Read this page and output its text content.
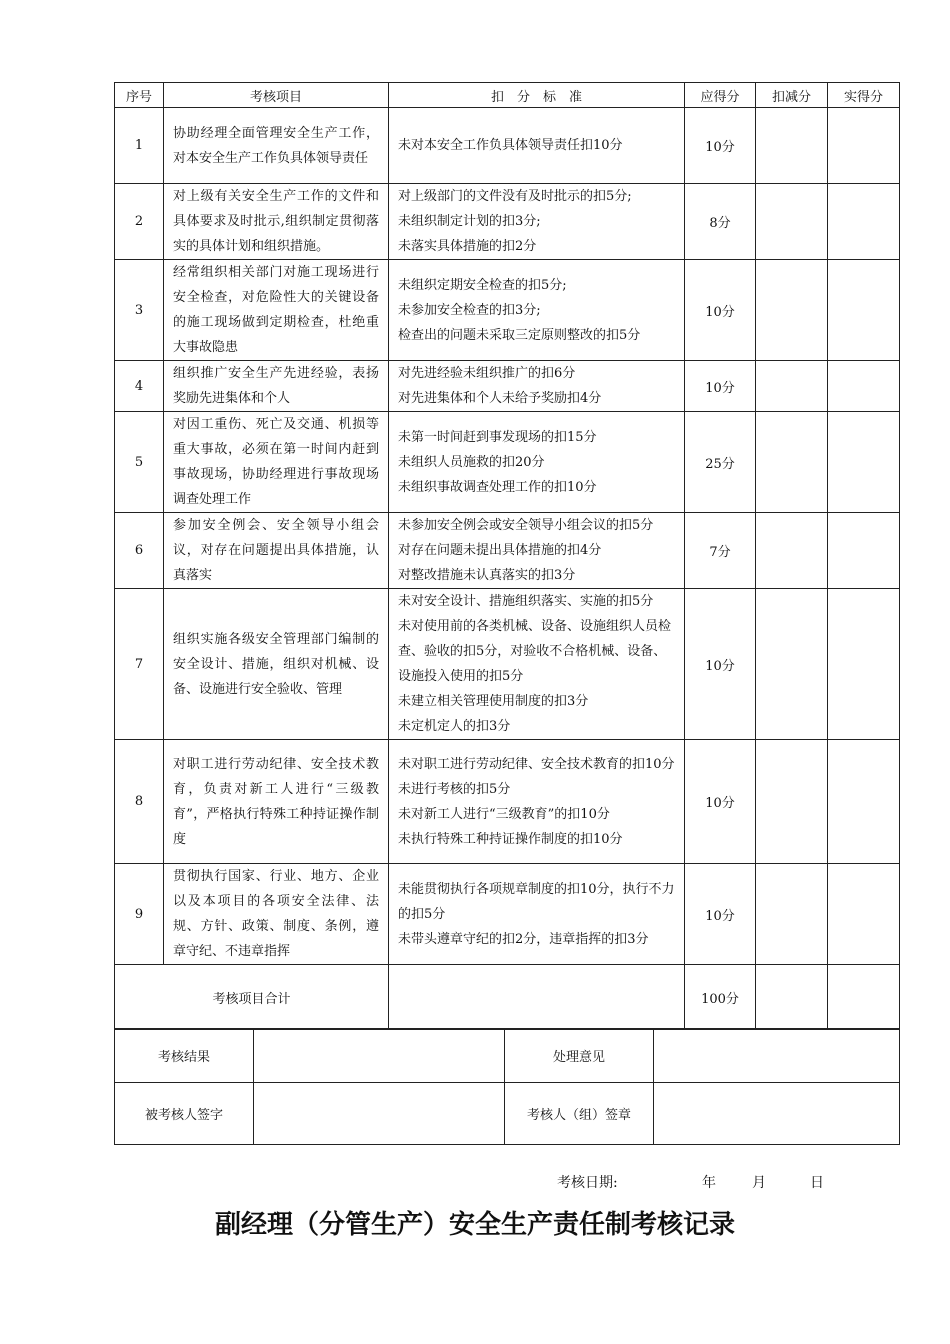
序号	考核项目	扣　分　标　准	应得分	扣减分	实得分
1	协助经理全面管理安全生产工作，对本安全生产工作负具体领导责任	未对本安全工作负具体领导责任扣10分	10分		
2	对上级有关安全生产工作的文件和具体要求及时批示,组织制定贯彻落实的具体计划和组织措施。	对上级部门的文件没有及时批示的扣5分;
未组织制定计划的扣3分;
未落实具体措施的扣2分	8分		
3	经常组织相关部门对施工现场进行安全检查，对危险性大的关键设备的施工现场做到定期检查，杜绝重大事故隐患	未组织定期安全检查的扣5分;
未参加安全检查的扣3分;
检查出的问题未采取三定原则整改的扣5分	10分		
4	组织推广安全生产先进经验，表扬奖励先进集体和个人	对先进经验未组织推广的扣6分
对先进集体和个人未给予奖励扣4分	10分		
5	对因工重伤、死亡及交通、机损等重大事故，必须在第一时间内赶到事故现场，协助经理进行事故现场调查处理工作	未第一时间赶到事发现场的扣15分
未组织人员施救的扣20分
未组织事故调查处理工作的扣10分	25分		
6	参加安全例会、安全领导小组会议，对存在问题提出具体措施，认真落实	未参加安全例会或安全领导小组会议的扣5分
对存在问题未提出具体措施的扣4分
对整改措施未认真落实的扣3分	7分		
7	组织实施各级安全管理部门编制的安全设计、措施，组织对机械、设备、设施进行安全验收、管理	未对安全设计、措施组织落实、实施的扣5分
未对使用前的各类机械、设备、设施组织人员检查、验收的扣5分，对验收不合格机械、设备、设施投入使用的扣5分
未建立相关管理使用制度的扣3分
未定机定人的扣3分	10分		
8	对职工进行劳动纪律、安全技术教育，负责对新工人进行“三级教育”，严格执行特殊工种持证操作制度	未对职工进行劳动纪律、安全技术教育的扣10分
未进行考核的扣5分
未对新工人进行“三级教育”的扣10分
未执行特殊工种持证操作制度的扣10分	10分		
9	贯彻执行国家、行业、地方、企业以及本项目的各项安全法律、法规、方针、政策、制度、条例，遵章守纪、不违章指挥	未能贯彻执行各项规章制度的扣10分，执行不力的扣5分
未带头遵章守纪的扣2分，违章指挥的扣3分	10分		
考核项目合计			100分		
考核结果		处理意见	
被考核人签字		考核人（组）签章	
考核日期:	年	月	日
副经理（分管生产）安全生产责任制考核记录
